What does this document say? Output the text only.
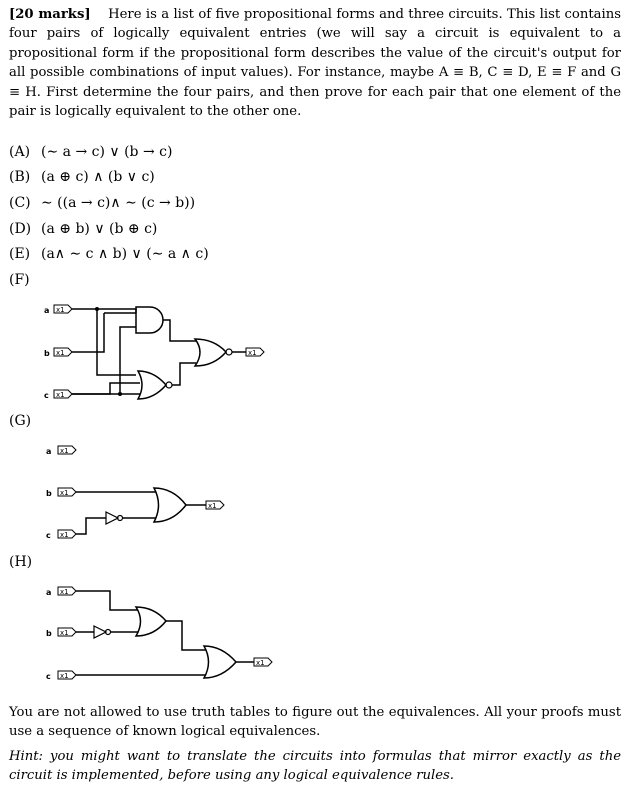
[20 marks] Here is a list of five propositional forms and three circuits. This list contains four pairs of logically equivalent entries (we will say a circuit is equivalent to a propositional form if the propositional form describes the value of the circuit's output for all possible combinations of input values). For instance, maybe A ≡ B, C ≡ D, E ≡ F and G ≡ H. First determine the four pairs, and then prove for each pair that one element of the pair is logically equivalent to the other one.

(A) (∼ a → c) ∨ (b → c)
(B) (a ⊕ c) ∧ (b ∨ c)
(C) ∼ ((a → c)∧ ∼ (c → b))
(D) (a ⊕ b) ∨ (b ⊕ c)
(E) (a∧ ∼ c ∧ b) ∨ (∼ a ∧ c)
(F)
a x1
b x1
c x1
x1
(G)
a x1
b x1
c x1
x1
(H)
a x1
b x1
c x1
x1

You are not allowed to use truth tables to figure out the equivalences. All your proofs must use a sequence of known logical equivalences.

Hint: you might want to translate the circuits into formulas that mirror exactly as the circuit is implemented, before using any logical equivalence rules.
